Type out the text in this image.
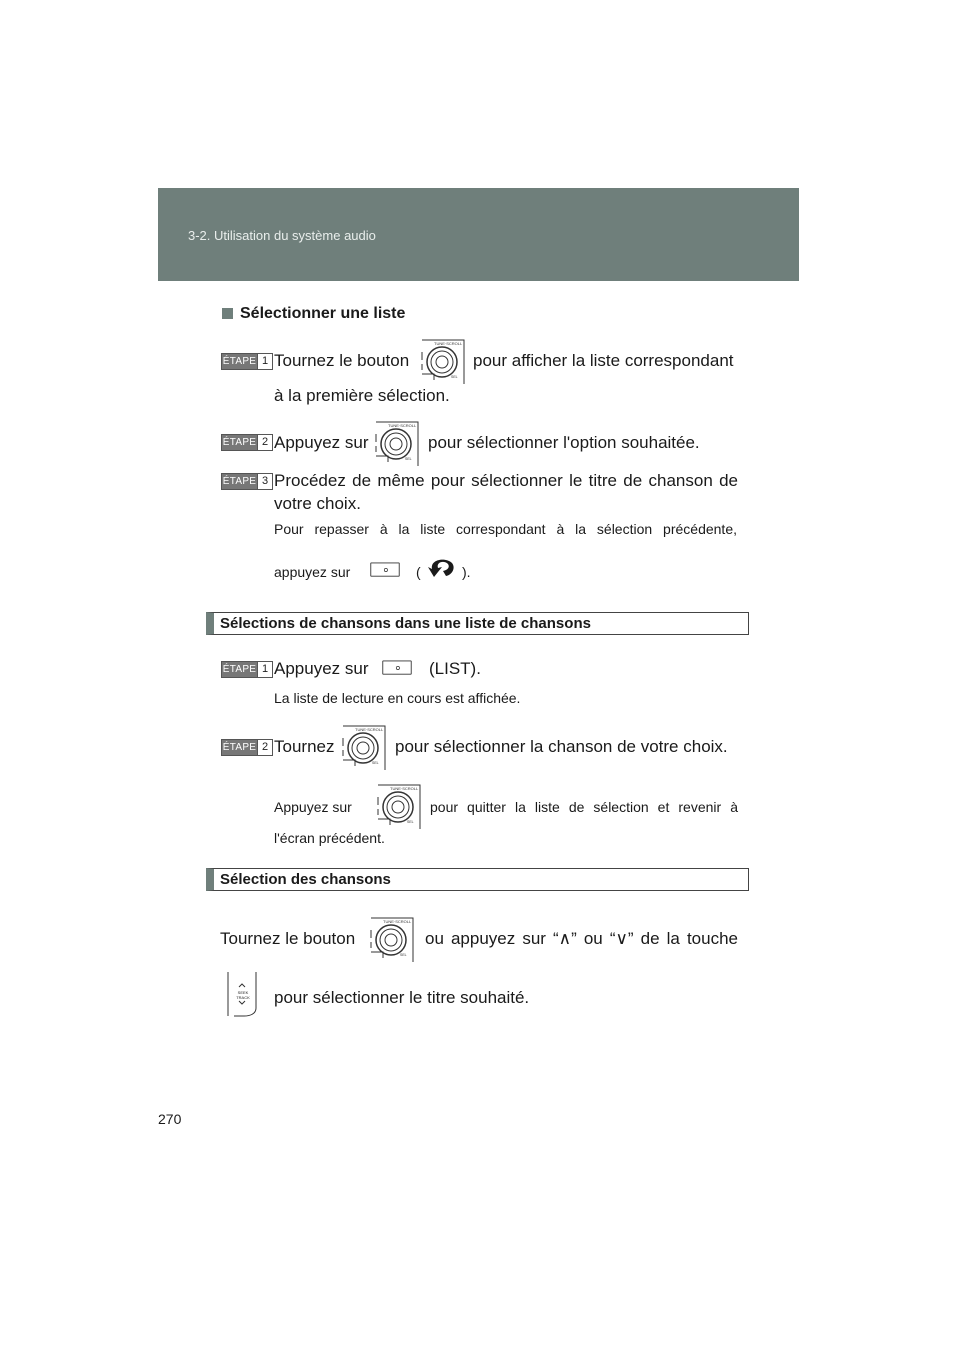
3-2. Utilisation du système audio
Sélectionner une liste
ÉTAPE 1 Tournez le bouton
TUNE·SCROLL
SEL
pour afficher la liste correspondant
à la première sélection.
ÉTAPE 2 Appuyez sur
TUNE·SCROLL
SEL
pour sélectionner l'option souhaitée.
ÉTAPE 3 Procédez de même pour sélectionner le titre de chanson de
votre choix.
Pour repasser à la liste correspondant à la sélection précédente,
appuyez sur	(	).
Sélections de chansons dans une liste de chansons
ÉTAPE 1 Appuyez sur	(LIST).
La liste de lecture en cours est affichée.
ÉTAPE 2 Tournez
TUNE·SCROLL
SEL
pour sélectionner la chanson de votre choix.
Appuyez sur
TUNE·SCROLL
SEL
pour quitter la liste de sélection et revenir à
l'écran précédent.
Sélection des chansons
Tournez le bouton
TUNE·SCROLL
SEL
ou appuyez sur “∧” ou “∨” de la touche
SEEK TRACK pour sélectionner le titre souhaité.
270
